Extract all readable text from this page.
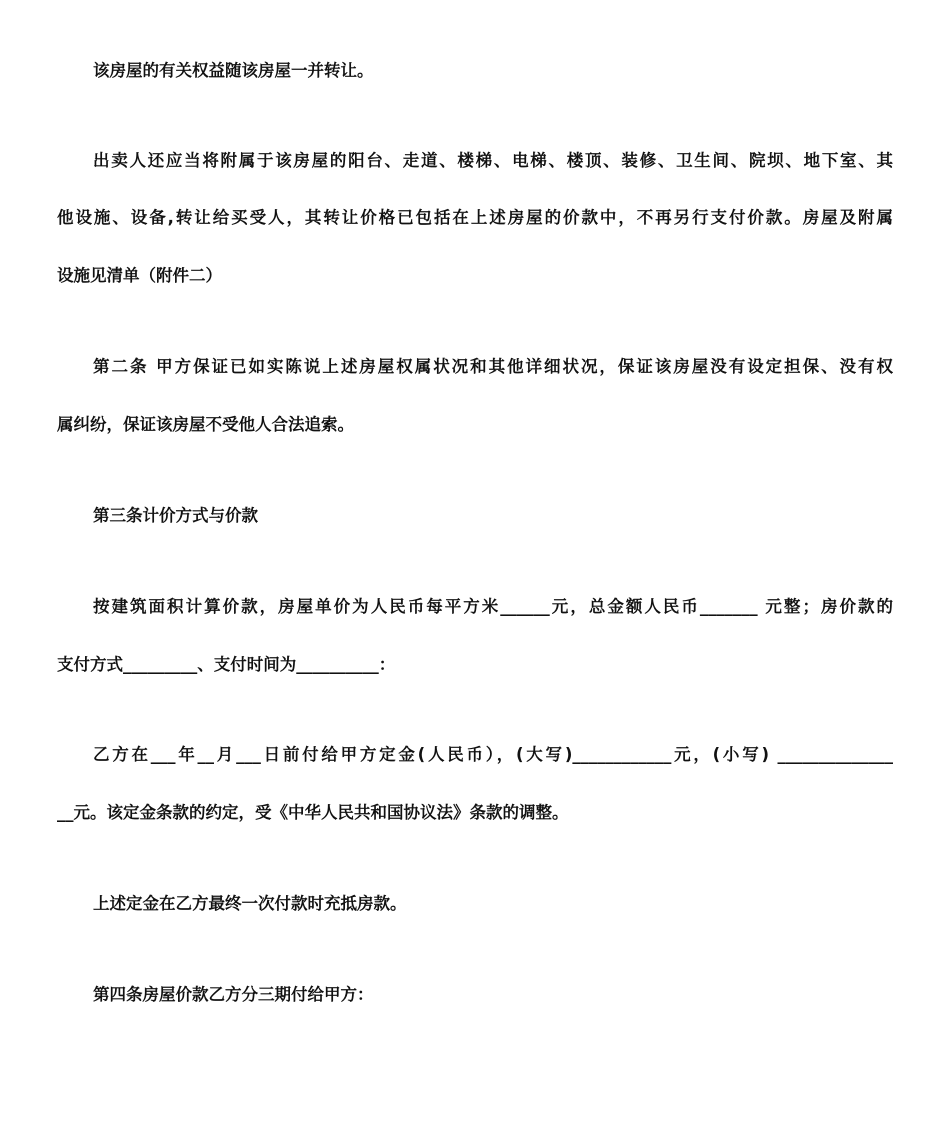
该房屋的有关权益随该房屋一并转让。
出卖人还应当将附属于该房屋的阳台、走道、楼梯、电梯、楼顶、装修、卫生间、院坝、地下室、其
他设施、设备,转让给买受人，其转让价格已包括在上述房屋的价款中，不再另行支付价款。房屋及附属
设施见清单（附件二）
第二条 甲方保证已如实陈说上述房屋权属状况和其他详细状况，保证该房屋没有设定担保、没有权
属纠纷，保证该房屋不受他人合法追索。
第三条计价方式与价款
按建筑面积计算价款，房屋单价为人民币每平方米______元，总金额人民币_______ 元整；房价款的
支付方式_________、支付时间为__________：
乙方在___年__月___日前付给甲方定金(人民币），(大写)____________元，(小写) ______________
__元。该定金条款的约定，受《中华人民共和国协议法》条款的调整。
上述定金在乙方最终一次付款时充抵房款。
第四条房屋价款乙方分三期付给甲方：
